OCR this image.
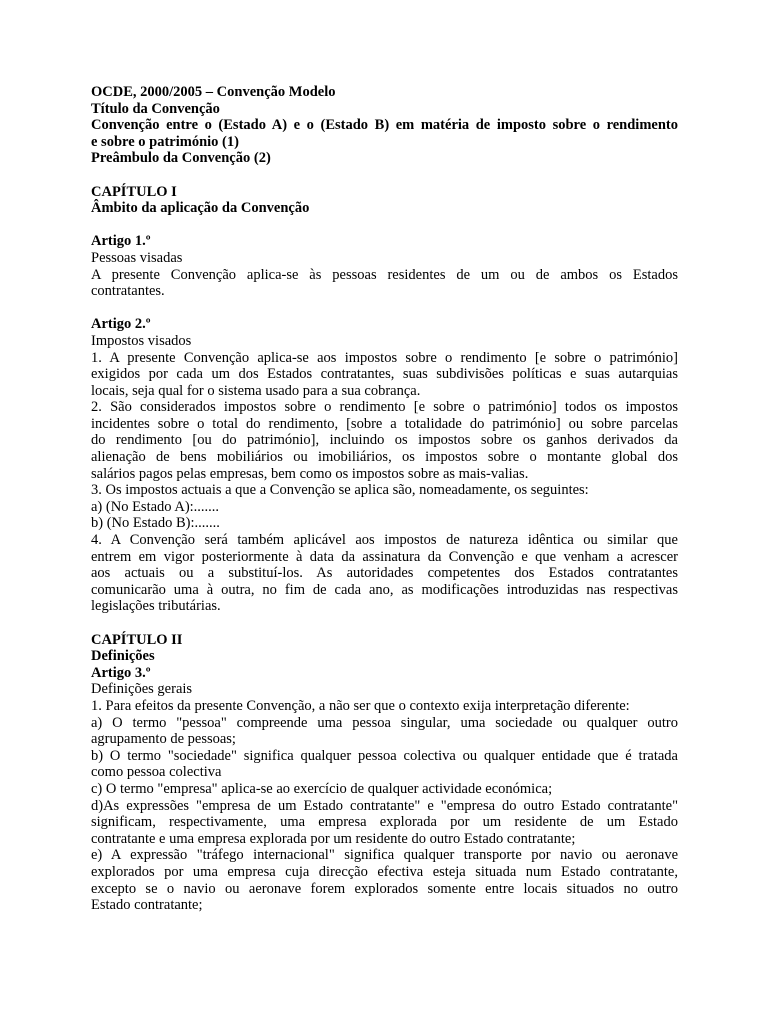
OCDE, 2000/2005 – Convenção Modelo
Título da Convenção
Convenção entre o (Estado A) e o (Estado B) em matéria de imposto sobre o rendimento
e sobre o património (1)
Preâmbulo da Convenção (2)
CAPÍTULO I
Âmbito da aplicação da Convenção
Artigo 1.º
Pessoas visadas
A presente Convenção aplica-se às pessoas residentes de um ou de ambos os Estados
contratantes.
Artigo 2.º
Impostos visados
1. A presente Convenção aplica-se aos impostos sobre o rendimento [e sobre o património]
exigidos por cada um dos Estados contratantes, suas subdivisões políticas e suas autarquias
locais, seja qual for o sistema usado para a sua cobrança.
2. São considerados impostos sobre o rendimento [e sobre o património] todos os impostos
incidentes sobre o total do rendimento, [sobre a totalidade do património] ou sobre parcelas
do rendimento [ou do património], incluindo os impostos sobre os ganhos derivados da
alienação de bens mobiliários ou imobiliários, os impostos sobre o montante global dos
salários pagos pelas empresas, bem como os impostos sobre as mais-valias.
3. Os impostos actuais a que a Convenção se aplica são, nomeadamente, os seguintes:
a) (No Estado A):.......
b) (No Estado B):.......
4. A Convenção será também aplicável aos impostos de natureza idêntica ou similar que
entrem em vigor posteriormente à data da assinatura da Convenção e que venham a acrescer
aos actuais ou a substituí-los. As autoridades competentes dos Estados contratantes
comunicarão uma à outra, no fim de cada ano, as modificações introduzidas nas respectivas
legislações tributárias.
CAPÍTULO II
Definições
Artigo 3.º
Definições gerais
1. Para efeitos da presente Convenção, a não ser que o contexto exija interpretação diferente:
a) O termo "pessoa" compreende uma pessoa singular, uma sociedade ou qualquer outro
agrupamento de pessoas;
b) O termo "sociedade" significa qualquer pessoa colectiva ou qualquer entidade que é tratada
como pessoa colectiva
c) O termo "empresa" aplica-se ao exercício de qualquer actividade económica;
d)As expressões "empresa de um Estado contratante" e "empresa do outro Estado contratante"
significam, respectivamente, uma empresa explorada por um residente de um Estado
contratante e uma empresa explorada por um residente do outro Estado contratante;
e) A expressão "tráfego internacional" significa qualquer transporte por navio ou aeronave
explorados por uma empresa cuja direcção efectiva esteja situada num Estado contratante,
excepto se o navio ou aeronave forem explorados somente entre locais situados no outro
Estado contratante;
